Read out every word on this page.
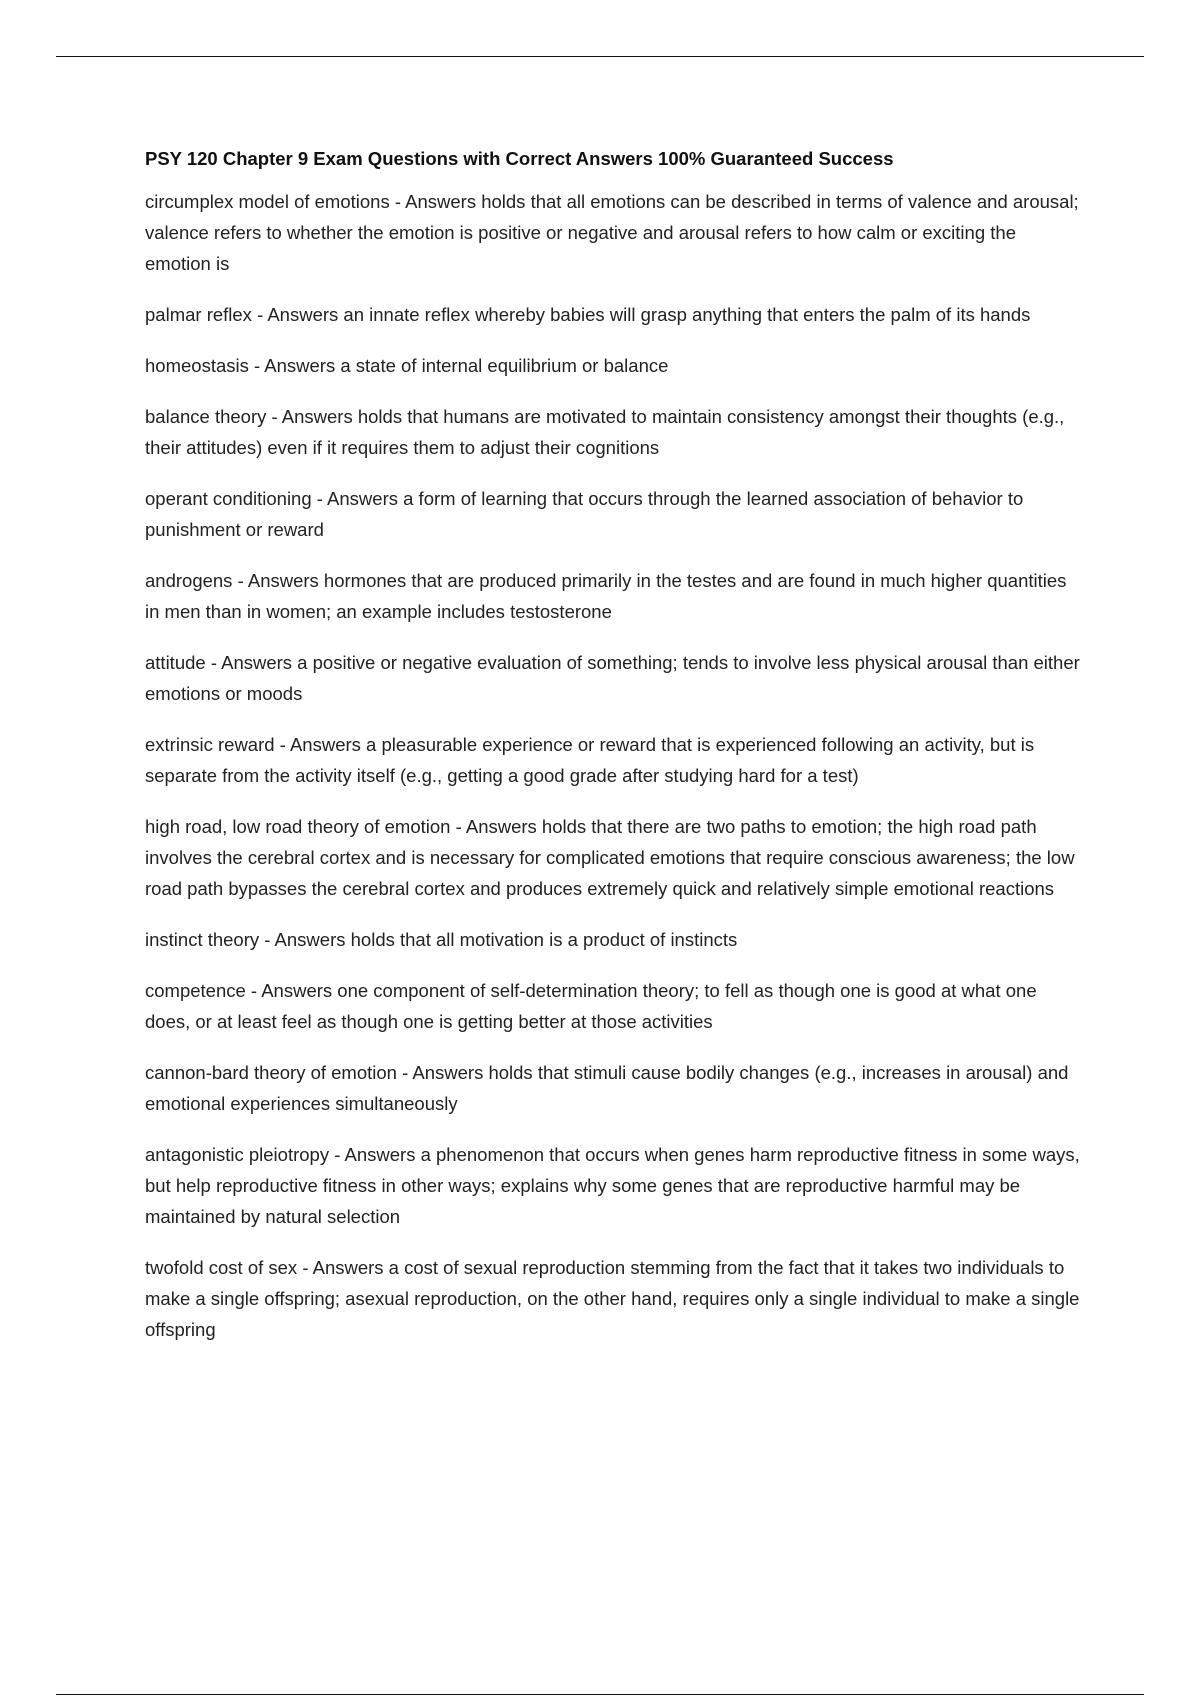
PSY 120 Chapter 9 Exam Questions with Correct Answers 100% Guaranteed Success
circumplex model of emotions - Answers holds that all emotions can be described in terms of valence and arousal; valence refers to whether the emotion is positive or negative and arousal refers to how calm or exciting the emotion is
palmar reflex - Answers an innate reflex whereby babies will grasp anything that enters the palm of its hands
homeostasis - Answers a state of internal equilibrium or balance
balance theory - Answers holds that humans are motivated to maintain consistency amongst their thoughts (e.g., their attitudes) even if it requires them to adjust their cognitions
operant conditioning - Answers a form of learning that occurs through the learned association of behavior to punishment or reward
androgens - Answers hormones that are produced primarily in the testes and are found in much higher quantities in men than in women; an example includes testosterone
attitude - Answers a positive or negative evaluation of something; tends to involve less physical arousal than either emotions or moods
extrinsic reward - Answers a pleasurable experience or reward that is experienced following an activity, but is separate from the activity itself (e.g., getting a good grade after studying hard for a test)
high road, low road theory of emotion - Answers holds that there are two paths to emotion; the high road path involves the cerebral cortex and is necessary for complicated emotions that require conscious awareness; the low road path bypasses the cerebral cortex and produces extremely quick and relatively simple emotional reactions
instinct theory - Answers holds that all motivation is a product of instincts
competence - Answers one component of self-determination theory; to fell as though one is good at what one does, or at least feel as though one is getting better at those activities
cannon-bard theory of emotion - Answers holds that stimuli cause bodily changes (e.g., increases in arousal) and emotional experiences simultaneously
antagonistic pleiotropy - Answers a phenomenon that occurs when genes harm reproductive fitness in some ways, but help reproductive fitness in other ways; explains why some genes that are reproductive harmful may be maintained by natural selection
twofold cost of sex - Answers a cost of sexual reproduction stemming from the fact that it takes two individuals to make a single offspring; asexual reproduction, on the other hand, requires only a single individual to make a single offspring
